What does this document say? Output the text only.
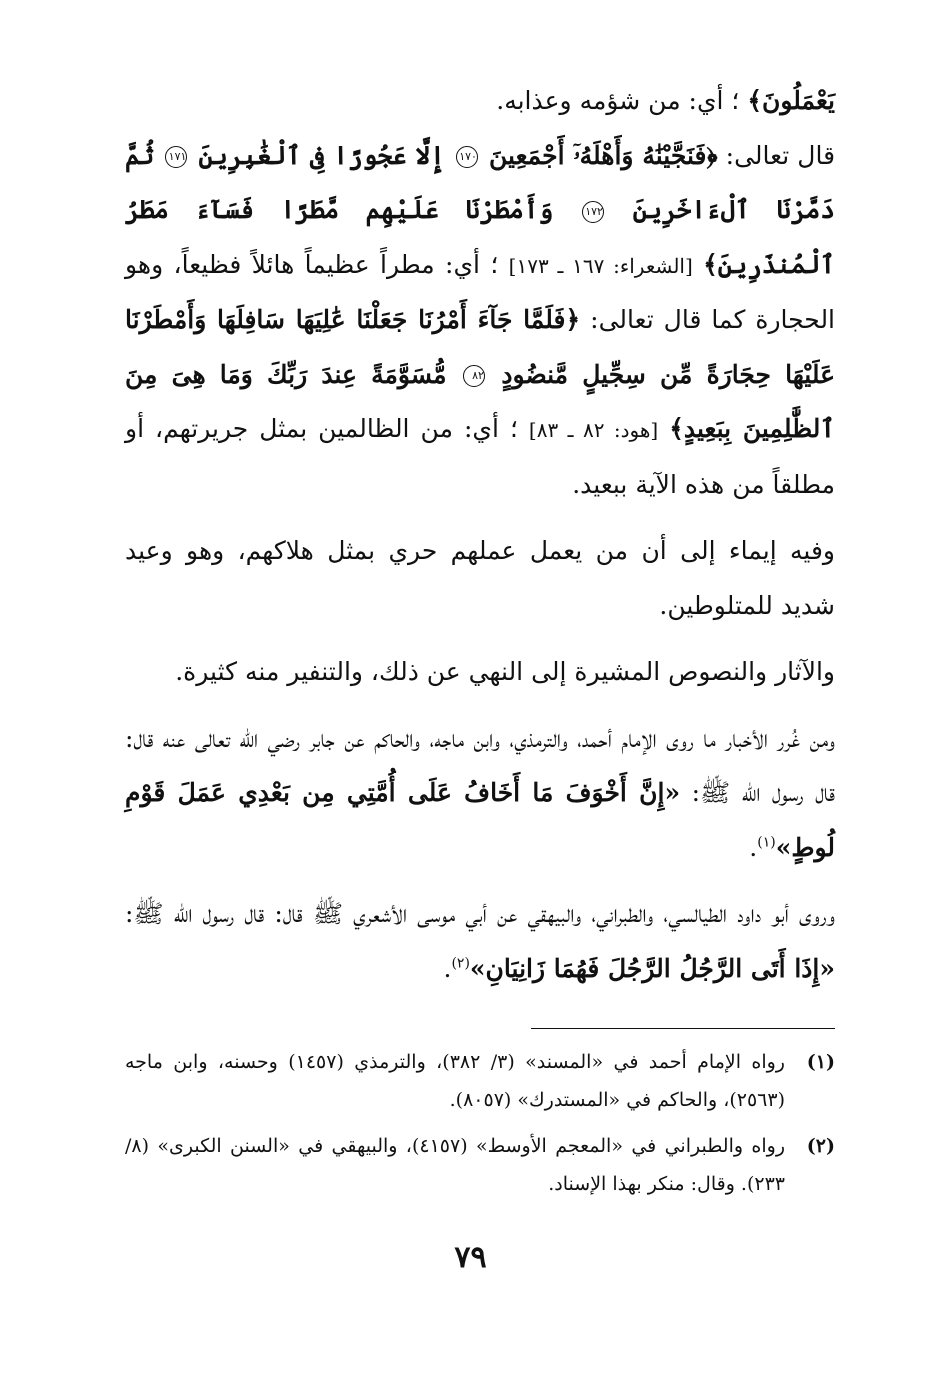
يَعْمَلُونَ﴾ ؛ أي: من شؤمه وعذابه.

قال تعالى: ﴿فَنَجَّيْنَٰهُ وَأَهْلَهُۥٓ أَجْمَعِينَ ١٧٠ إِلَّا عَجُوزًا فِى ٱلْغَٰبِرِينَ ١٧١ ثُمَّ دَمَّرْنَا ٱلْءَاخَرِينَ ١٧٢ وَأَمْطَرْنَا عَلَيْهِم مَّطَرًا فَسَآءَ مَطَرُ ٱلْمُنذَرِينَ﴾ [الشعراء: ١٦٧ ـ ١٧٣] ؛ أي: مطراً عظيماً هائلاً فظيعاً، وهو الحجارة كما قال تعالى: ﴿فَلَمَّا جَآءَ أَمْرُنَا جَعَلْنَا عَٰلِيَهَا سَافِلَهَا وَأَمْطَرْنَا عَلَيْهَا حِجَارَةً مِّن سِجِّيلٍ مَّنضُودٍ ٨٢ مُّسَوَّمَةً عِندَ رَبِّكَ وَمَا هِىَ مِنَ ٱلظَّٰلِمِينَ بِبَعِيدٍ﴾ [هود: ٨٢ ـ ٨٣] ؛ أي: من الظالمين بمثل جريرتهم، أو مطلقاً من هذه الآية ببعيد.

وفيه إيماء إلى أن من يعمل عملهم حري بمثل هلاكهم، وهو وعيد شديد للمتلوطين.

والآثار والنصوص المشيرة إلى النهي عن ذلك، والتنفير منه كثيرة.

ومن غُرر الأخبار ما روى الإمام أحمد، والترمذي، وابن ماجه، والحاكم عن جابر رضي الله تعالى عنه قال: قال رسول الله ﷺ: «إِنَّ أَخْوَفَ مَا أَخَافُ عَلَى أُمَّتِي مِن بَعْدِي عَمَلَ قَوْمِ لُوطٍ»$^{(١)}$.

وروى أبو داود الطيالسي، والطبراني، والبيهقي عن أبي موسى الأشعري ﷺ قال: قال رسول الله ﷺ: «إِذَا أَتَى الرَّجُلُ الرَّجُلَ فَهُمَا زَانِيَانِ»$^{(٢)}$.

(١)
رواه الإمام أحمد في «المسند» (٣/ ٣٨٢)، والترمذي (١٤٥٧) وحسنه، وابن ماجه (٢٥٦٣)، والحاكم في «المستدرك» (٨٠٥٧).

(٢)
رواه والطبراني في «المعجم الأوسط» (٤١٥٧)، والبيهقي في «السنن الكبرى» (٨/ ٢٣٣). وقال: منكر بهذا الإسناد.

٧٩
